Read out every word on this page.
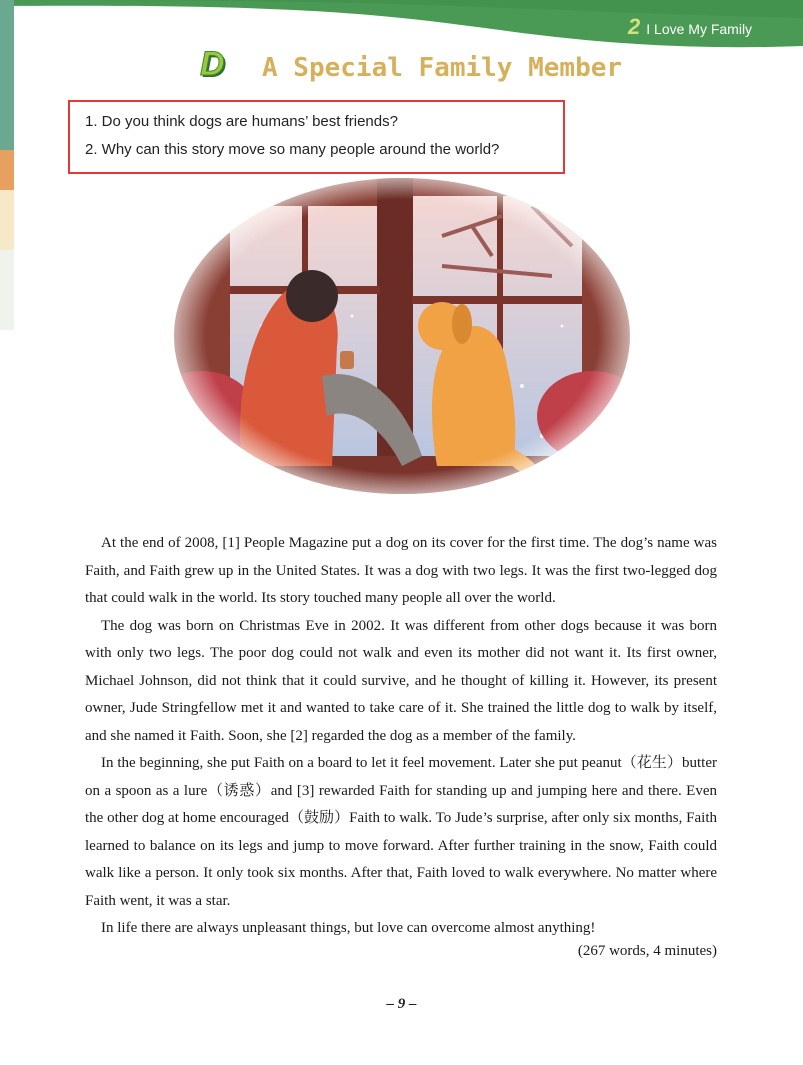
2 I Love My Family
D A Special Family Member

1. Do you think dogs are humans’ best friends?

2. Why can this story move so many people around the world?

At the end of 2008, [1] People Magazine put a dog on its cover for the first time. The dog’s name was Faith, and Faith grew up in the United States. It was a dog with two legs. It was the first two-legged dog that could walk in the world. Its story touched many people all over the world.

The dog was born on Christmas Eve in 2002. It was different from other dogs because it was born with only two legs. The poor dog could not walk and even its mother did not want it. Its first owner, Michael Johnson, did not think that it could survive, and he thought of killing it. However, its present owner, Jude Stringfellow met it and wanted to take care of it. She trained the little dog to walk by itself, and she named it Faith. Soon, she [2] regarded the dog as a member of the family.

In the beginning, she put Faith on a board to let it feel movement. Later she put peanut（花生）butter on a spoon as a lure（诱惑）and [3] rewarded Faith for standing up and jumping here and there. Even the other dog at home encouraged（鼓励）Faith to walk. To Jude’s surprise, after only six months, Faith learned to balance on its legs and jump to move forward. After further training in the snow, Faith could walk like a person. It only took six months. After that, Faith loved to walk everywhere. No matter where Faith went, it was a star.

In life there are always unpleasant things, but love can overcome almost anything!

(267 words, 4 minutes)
– 9 –
